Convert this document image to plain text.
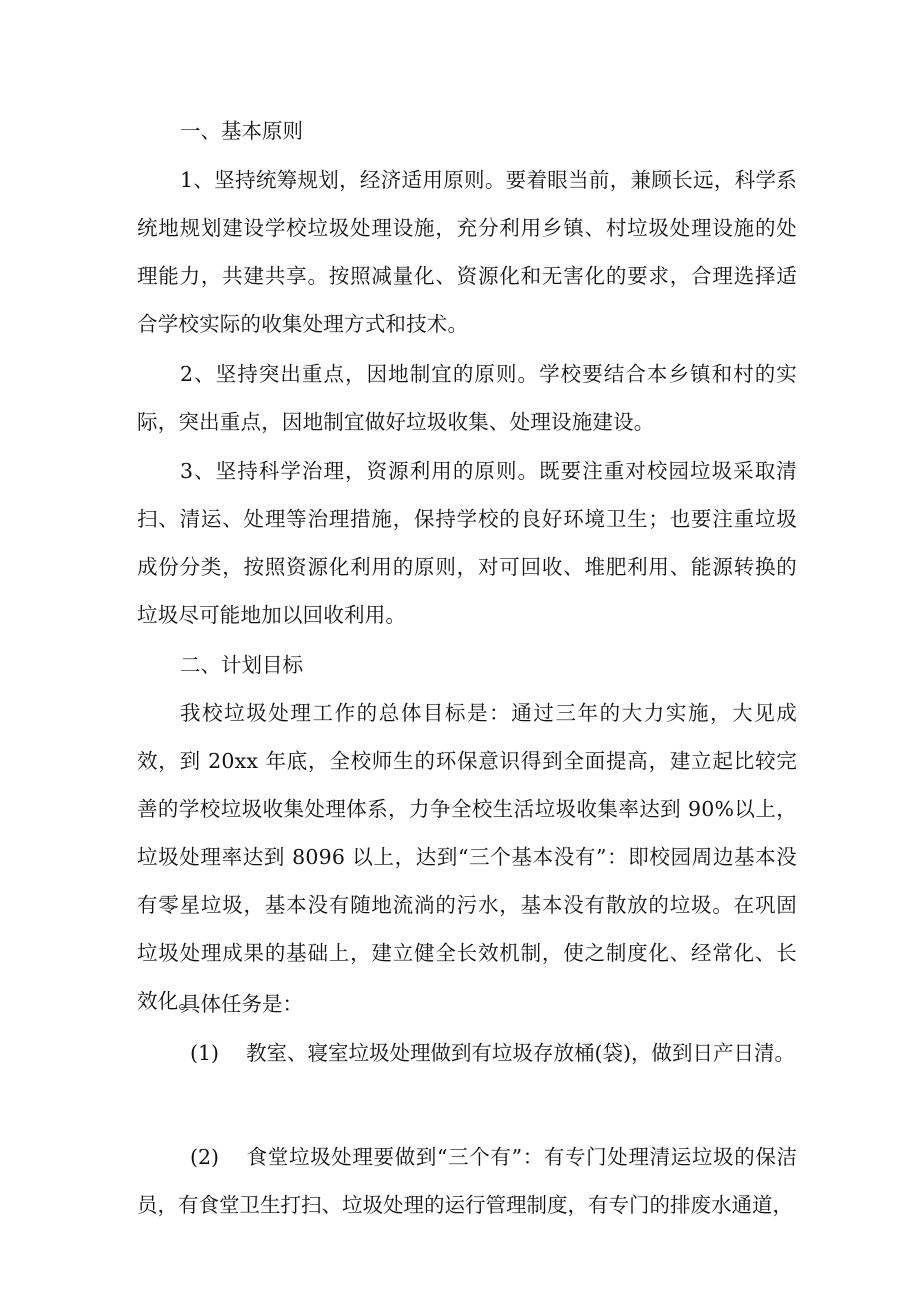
一、基本原则

1、坚持统筹规划，经济适用原则。要着眼当前，兼顾长远，科学系统地规划建设学校垃圾处理设施，充分利用乡镇、村垃圾处理设施的处理能力，共建共享。按照减量化、资源化和无害化的要求，合理选择适合学校实际的收集处理方式和技术。

2、坚持突出重点，因地制宜的原则。学校要结合本乡镇和村的实际，突出重点，因地制宜做好垃圾收集、处理设施建设。

3、坚持科学治理，资源利用的原则。既要注重对校园垃圾采取清扫、清运、处理等治理措施，保持学校的良好环境卫生；也要注重垃圾成份分类，按照资源化利用的原则，对可回收、堆肥利用、能源转换的垃圾尽可能地加以回收利用。

二、计划目标

我校垃圾处理工作的总体目标是：通过三年的大力实施，大见成效，到 20xx 年底，全校师生的环保意识得到全面提高，建立起比较完善的学校垃圾收集处理体系，力争全校生活垃圾收集率达到 90%以上，垃圾处理率达到 8096 以上，达到“三个基本没有”：即校园周边基本没有零星垃圾，基本没有随地流淌的污水，基本没有散放的垃圾。在巩固垃圾处理成果的基础上，建立健全长效机制，使之制度化、经常化、长效化。

具体任务是：

(1) 教室、寝室垃圾处理做到有垃圾存放桶(袋)，做到日产日清。

(2) 食堂垃圾处理要做到“三个有”：有专门处理清运垃圾的保洁员，有食堂卫生打扫、垃圾处理的运行管理制度，有专门的排废水通道，
